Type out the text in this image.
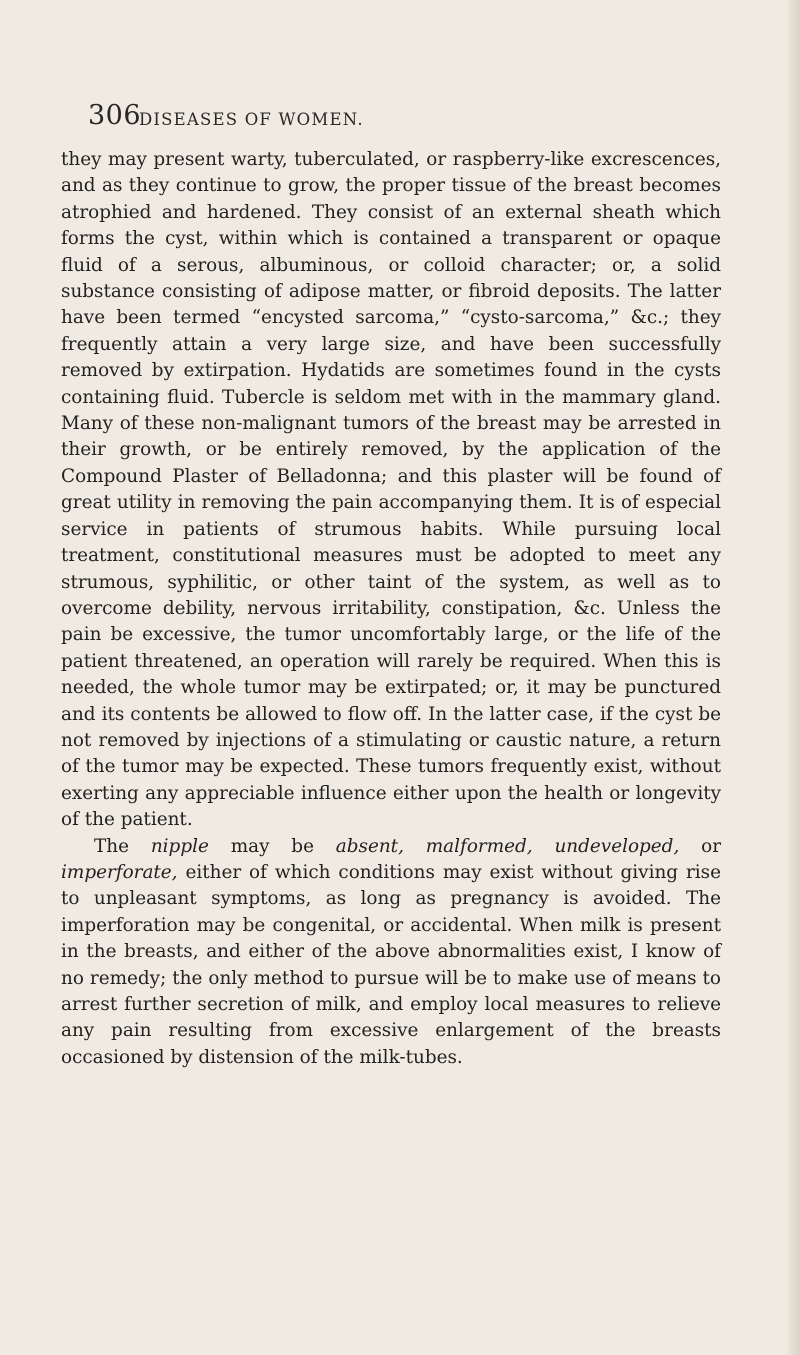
306
DISEASES OF WOMEN.

they may present warty, tuberculated, or raspberry-like excrescences, and as they continue to grow, the proper tissue of the breast becomes atrophied and hardened. They consist of an external sheath which forms the cyst, within which is contained a transparent or opaque fluid of a serous, albuminous, or colloid character; or, a solid substance consisting of adipose matter, or fibroid deposits. The latter have been termed “encysted sarcoma,” “cysto-sarcoma,” &c.; they frequently attain a very large size, and have been successfully removed by extirpation. Hydatids are sometimes found in the cysts containing fluid. Tubercle is seldom met with in the mammary gland. Many of these non-malignant tumors of the breast may be arrested in their growth, or be entirely removed, by the application of the Compound Plaster of Belladonna; and this plaster will be found of great utility in removing the pain accompanying them. It is of especial service in patients of strumous habits. While pursuing local treatment, constitutional measures must be adopted to meet any strumous, syphilitic, or other taint of the system, as well as to overcome debility, nervous irritability, constipation, &c. Unless the pain be excessive, the tumor uncomfortably large, or the life of the patient threatened, an operation will rarely be required. When this is needed, the whole tumor may be extirpated; or, it may be punctured and its contents be allowed to flow off. In the latter case, if the cyst be not removed by injections of a stimulating or caustic nature, a return of the tumor may be expected. These tumors frequently exist, without exerting any appreciable influence either upon the health or longevity of the patient.

The nipple may be absent, malformed, undeveloped, or imperforate, either of which conditions may exist without giving rise to unpleasant symptoms, as long as pregnancy is avoided. The imperforation may be congenital, or accidental. When milk is present in the breasts, and either of the above abnormalities exist, I know of no remedy; the only method to pursue will be to make use of means to arrest further secretion of milk, and employ local measures to relieve any pain resulting from excessive enlargement of the breasts occasioned by distension of the milk-tubes.
